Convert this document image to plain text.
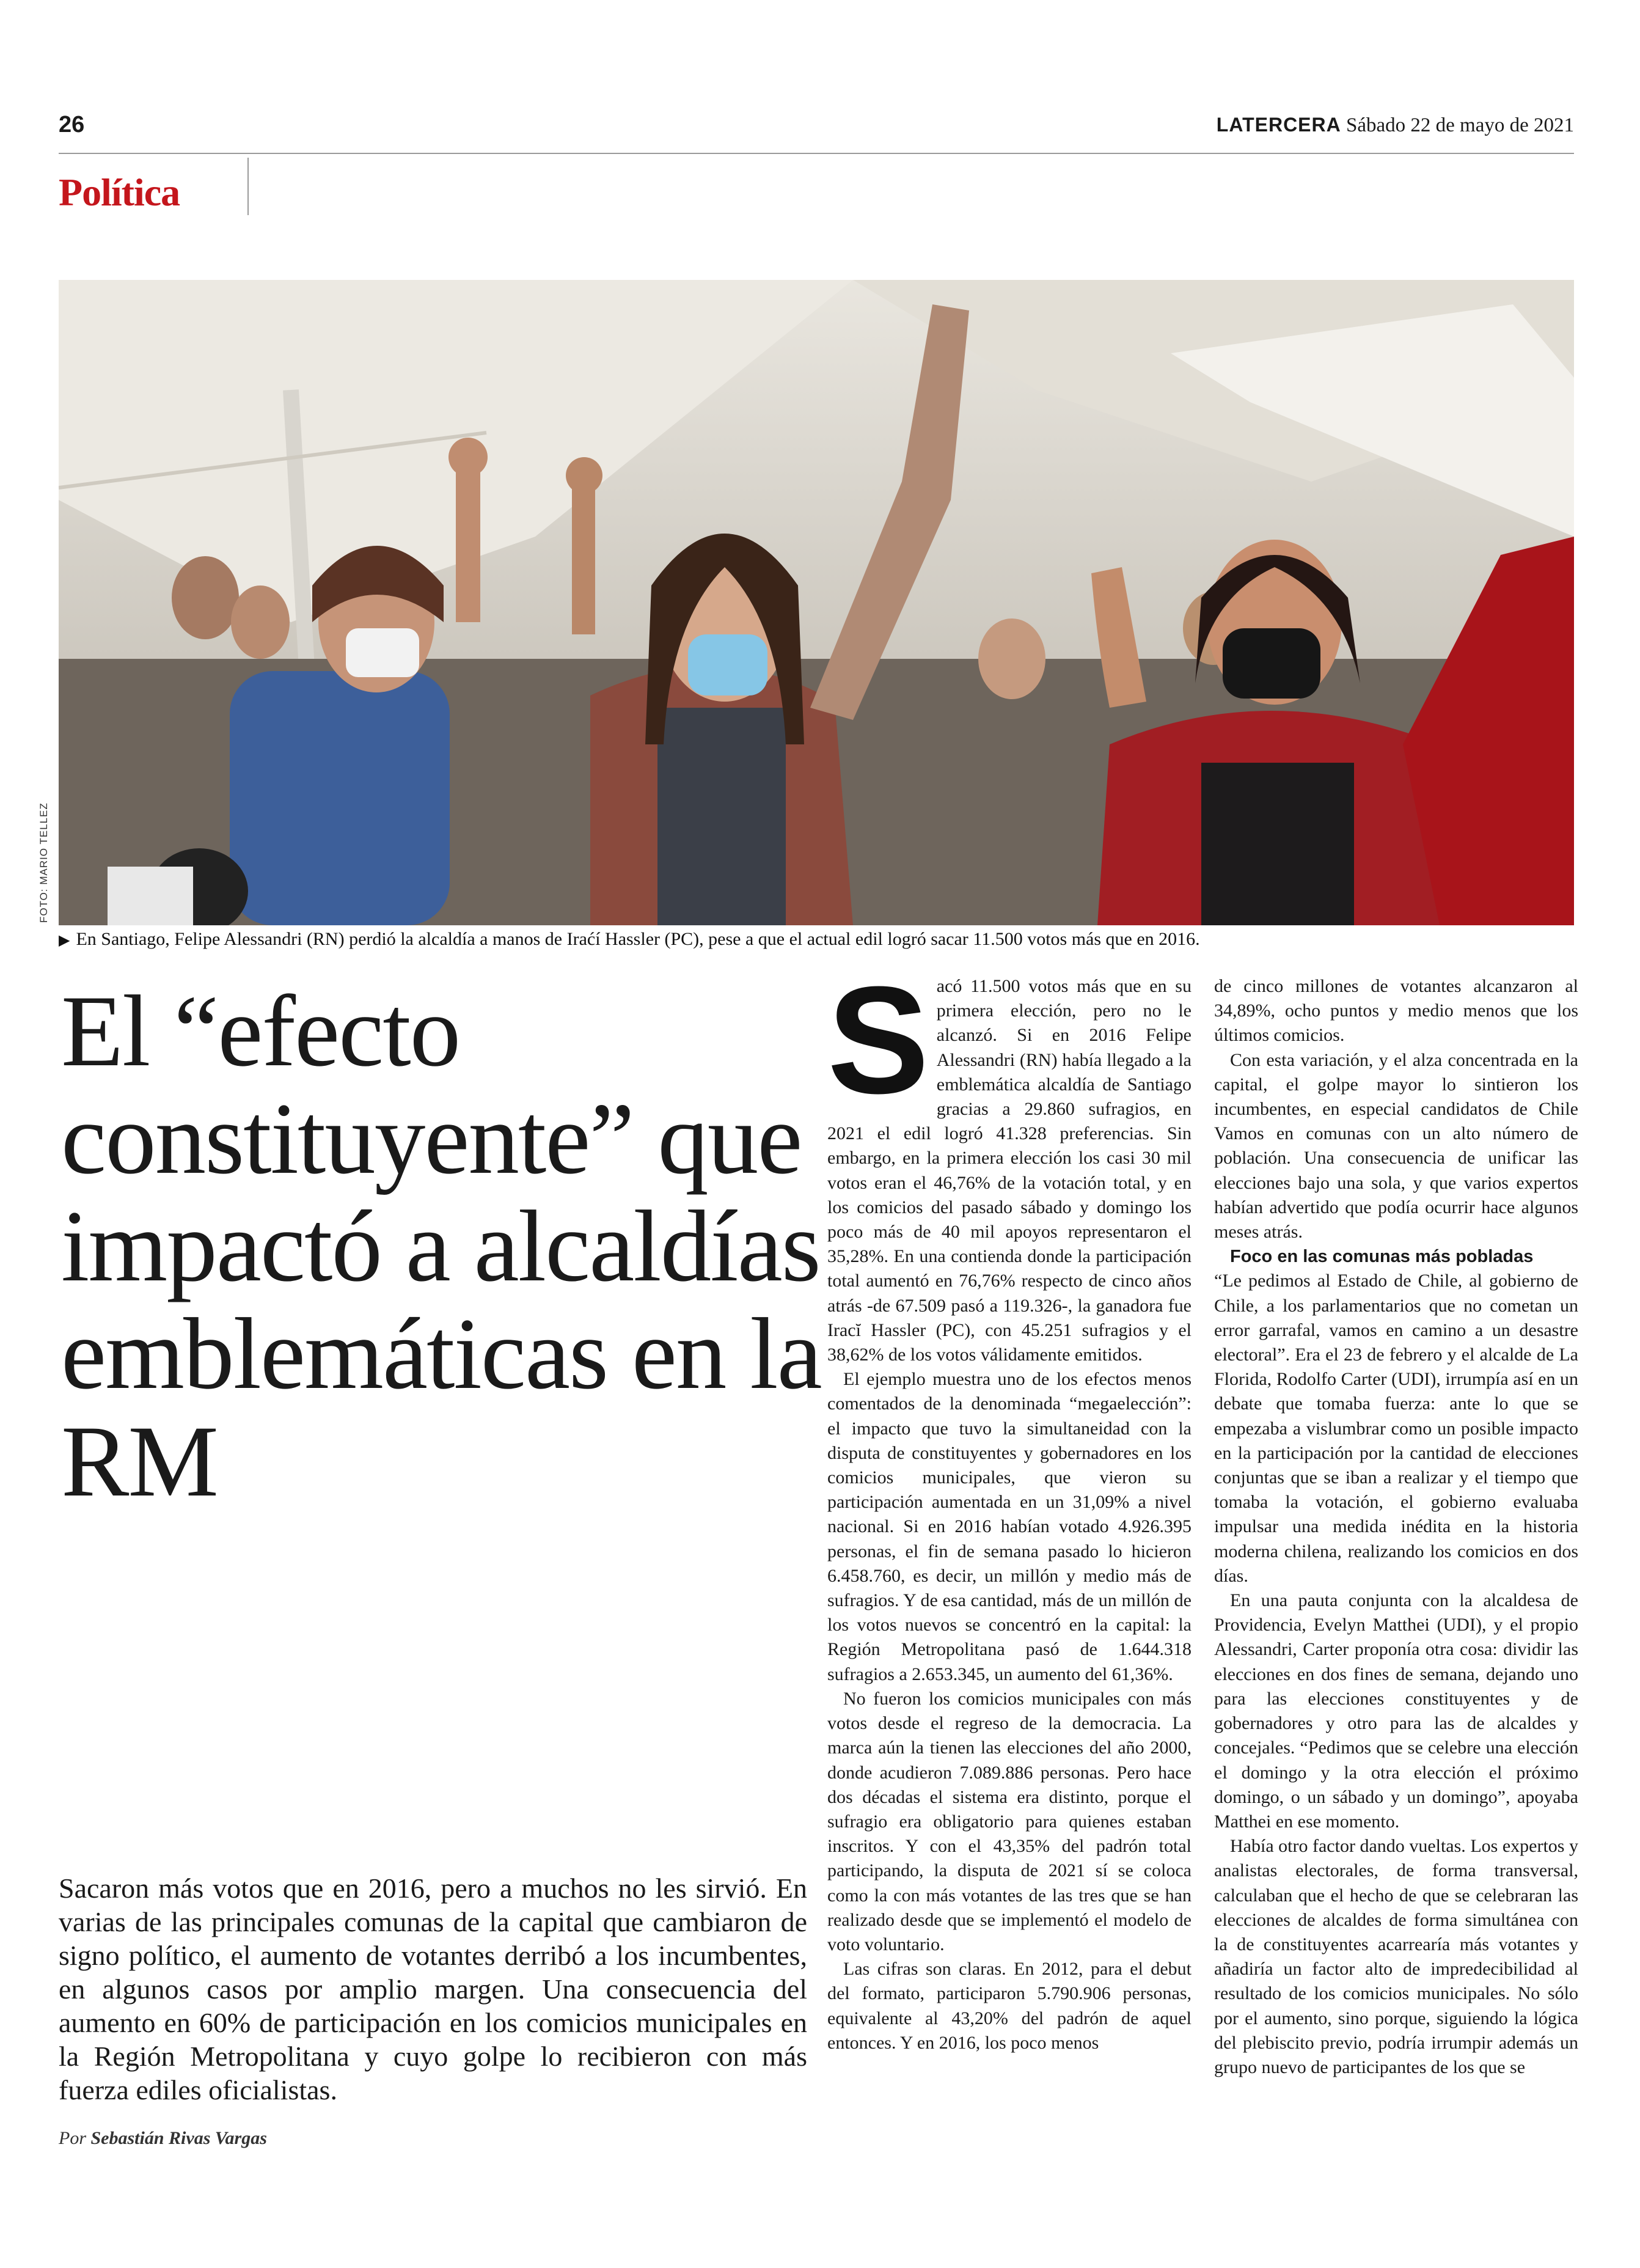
26	LATERCERA Sábado 22 de mayo de 2021
Política
FOTO: MARIO TELLEZ
▶ En Santiago, Felipe Alessandri (RN) perdió la alcaldía a manos de Iraćí Hassler (PC), pese a que el actual edil logró sacar 11.500 votos más que en 2016.
El “efecto constituyente” que impactó a alcaldías emblemáticas en la RM
Sacaron más votos que en 2016, pero a muchos no les sirvió. En varias de las principales comunas de la capital que cambiaron de signo político, el aumento de votantes derribó a los incumbentes, en algunos casos por amplio margen. Una consecuencia del aumento en 60% de participación en los comicios municipales en la Región Metropolitana y cuyo golpe lo recibieron con más fuerza ediles oficialistas.
Por Sebastián Rivas Vargas

Sacó 11.500 votos más que en su primera elección, pero no le alcanzó. Si en 2016 Felipe Alessandri (RN) había llegado a la emblemática alcaldía de Santiago gracias a 29.860 sufragios, en 2021 el edil logró 41.328 preferencias. Sin embargo, en la primera elección los casi 30 mil votos eran el 46,76% de la votación total, y en los comicios del pasado sábado y domingo los poco más de 40 mil apoyos representaron el 35,28%. En una contienda donde la participación total aumentó en 76,76% respecto de cinco años atrás -de 67.509 pasó a 119.326-, la ganadora fue Iracĭ Hassler (PC), con 45.251 sufragios y el 38,62% de los votos válidamente emitidos.

El ejemplo muestra uno de los efectos menos comentados de la denominada “megaelección”: el impacto que tuvo la simultaneidad con la disputa de constituyentes y gobernadores en los comicios municipales, que vieron su participación aumentada en un 31,09% a nivel nacional. Si en 2016 habían votado 4.926.395 personas, el fin de semana pasado lo hicieron 6.458.760, es decir, un millón y medio más de sufragios. Y de esa cantidad, más de un millón de los votos nuevos se concentró en la capital: la Región Metropolitana pasó de 1.644.318 sufragios a 2.653.345, un aumento del 61,36%.

No fueron los comicios municipales con más votos desde el regreso de la democracia. La marca aún la tienen las elecciones del año 2000, donde acudieron 7.089.886 personas. Pero hace dos décadas el sistema era distinto, porque el sufragio era obligatorio para quienes estaban inscritos. Y con el 43,35% del padrón total participando, la disputa de 2021 sí se coloca como la con más votantes de las tres que se han realizado desde que se implementó el modelo de voto voluntario.

Las cifras son claras. En 2012, para el debut del formato, participaron 5.790.906 personas, equivalente al 43,20% del padrón de aquel entonces. Y en 2016, los poco menos

de cinco millones de votantes alcanzaron al 34,89%, ocho puntos y medio menos que los últimos comicios.

Con esta variación, y el alza concentrada en la capital, el golpe mayor lo sintieron los incumbentes, en especial candidatos de Chile Vamos en comunas con un alto número de población. Una consecuencia de unificar las elecciones bajo una sola, y que varios expertos habían advertido que podía ocurrir hace algunos meses atrás.

Foco en las comunas más pobladas

“Le pedimos al Estado de Chile, al gobierno de Chile, a los parlamentarios que no cometan un error garrafal, vamos en camino a un desastre electoral”. Era el 23 de febrero y el alcalde de La Florida, Rodolfo Carter (UDI), irrumpía así en un debate que tomaba fuerza: ante lo que se empezaba a vislumbrar como un posible impacto en la participación por la cantidad de elecciones conjuntas que se iban a realizar y el tiempo que tomaba la votación, el gobierno evaluaba impulsar una medida inédita en la historia moderna chilena, realizando los comicios en dos días.

En una pauta conjunta con la alcaldesa de Providencia, Evelyn Matthei (UDI), y el propio Alessandri, Carter proponía otra cosa: dividir las elecciones en dos fines de semana, dejando uno para las elecciones constituyentes y de gobernadores y otro para las de alcaldes y concejales. “Pedimos que se celebre una elección el domingo y la otra elección el próximo domingo, o un sábado y un domingo”, apoyaba Matthei en ese momento.

Había otro factor dando vueltas. Los expertos y analistas electorales, de forma transversal, calculaban que el hecho de que se celebraran las elecciones de alcaldes de forma simultánea con la de constituyentes acarrearía más votantes y añadiría un factor alto de impredecibilidad al resultado de los comicios municipales. No sólo por el aumento, sino porque, siguiendo la lógica del plebiscito previo, podría irrumpir además un grupo nuevo de participantes de los que se
